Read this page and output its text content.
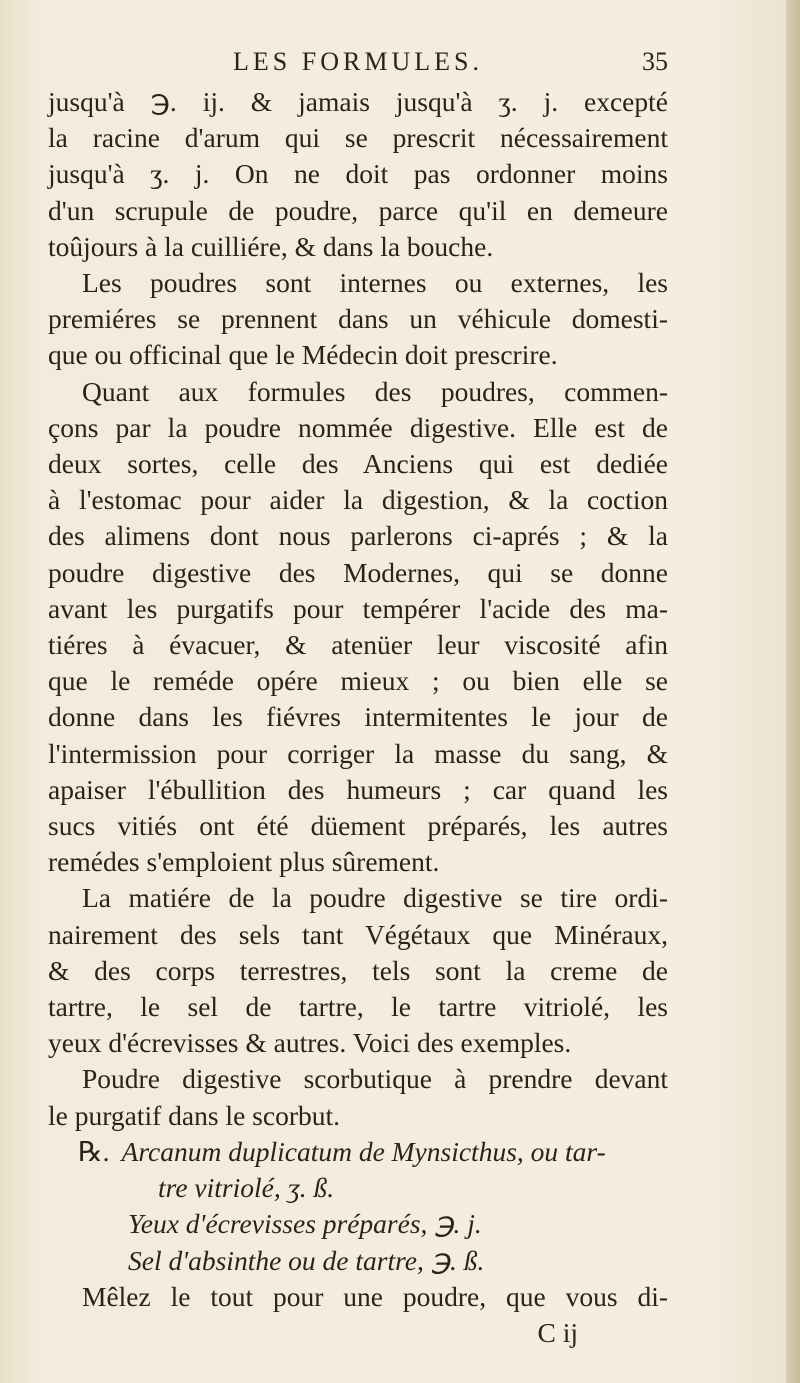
LES FORMULES.	35
jusqu'à ℈. ij. & jamais jusqu'à ʒ. j. excepté
la racine d'arum qui se prescrit nécessairement
jusqu'à ʒ. j. On ne doit pas ordonner moins
d'un scrupule de poudre, parce qu'il en demeure
toûjours à la cuilliére, & dans la bouche.
Les poudres sont internes ou externes, les
premiéres se prennent dans un véhicule domesti-
que ou officinal que le Médecin doit prescrire.
Quant aux formules des poudres, commen-
çons par la poudre nommée digestive. Elle est de
deux sortes, celle des Anciens qui est dediée
à l'estomac pour aider la digestion, & la coction
des alimens dont nous parlerons ci-aprés ; & la
poudre digestive des Modernes, qui se donne
avant les purgatifs pour tempérer l'acide des ma-
tiéres à évacuer, & atenüer leur viscosité afin
que le reméde opére mieux ; ou bien elle se
donne dans les fiévres intermitentes le jour de
l'intermission pour corriger la masse du sang, &
apaiser l'ébullition des humeurs ; car quand les
sucs vitiés ont été düement préparés, les autres
remédes s'emploient plus sûrement.
La matiére de la poudre digestive se tire ordi-
nairement des sels tant Végétaux que Minéraux,
& des corps terrestres, tels sont la creme de
tartre, le sel de tartre, le tartre vitriolé, les
yeux d'écrevisses & autres. Voici des exemples.
Poudre digestive scorbutique à prendre devant
le purgatif dans le scorbut.
℞. Arcanum duplicatum de Mynsicthus, ou tar-
tre vitriolé, ʒ. ß.
Yeux d'écrevisses préparés, ℈. j.
Sel d'absinthe ou de tartre, ℈. ß.
Mêlez le tout pour une poudre, que vous di-
C ij
